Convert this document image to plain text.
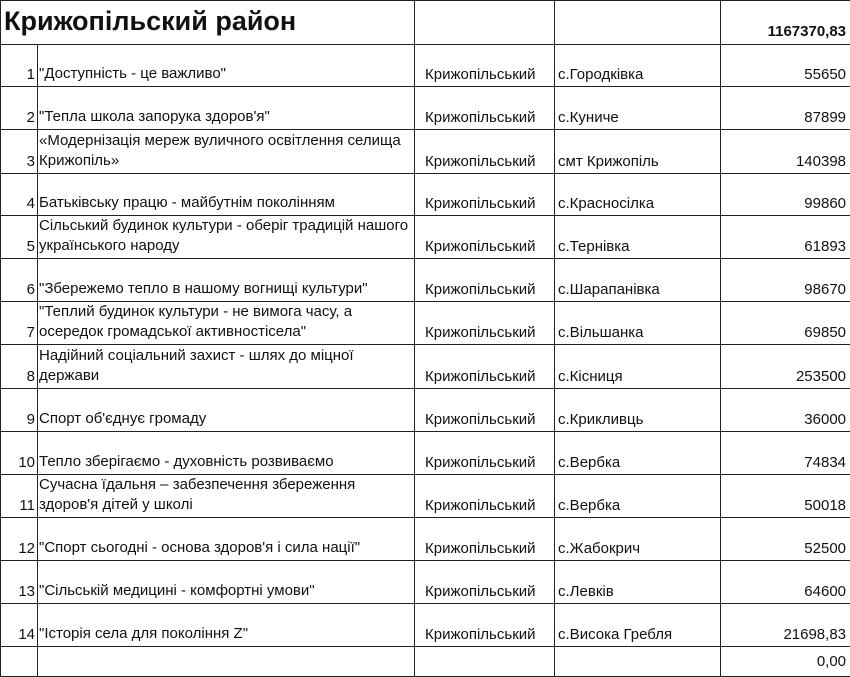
Крижопільский район				1167370,83
1	"Доступність - це важливо"	Крижопільський	с.Городківка	55650
2	"Тепла школа запорука здоров'я"	Крижопільський	с.Куниче	87899
3	«Модернізація мереж вуличного освітлення селища Крижопіль»	Крижопільський	смт Крижопіль	140398
4	Батьківську працю - майбутнім поколінням	Крижопільський	с.Красносілка	99860
5	Сільський будинок культури - оберіг традицій нашого українського народу	Крижопільський	с.Тернівка	61893
6	"Збережемо тепло в нашому вогнищі культури"	Крижопільський	с.Шарапанівка	98670
7	"Теплий будинок культури - не вимога часу, а осередок громадської активностісела"	Крижопільський	с.Вільшанка	69850
8	Надійний соціальний захист - шлях до міцної держави	Крижопільський	с.Кісниця	253500
9	Спорт об'єднує громаду	Крижопільський	с.Крикливць	36000
10	Тепло зберігаємо - духовність розвиваємо	Крижопільський	с.Вербка	74834
11	Сучасна їдальня – забезпечення збереження здоров'я дітей у школі	Крижопільський	с.Вербка	50018
12	"Спорт сьогодні - основа здоров'я і сила нації"	Крижопільський	с.Жабокрич	52500
13	"Сільській медицині - комфортні умови"	Крижопільський	с.Левків	64600
14	"Історія села для покоління Z"	Крижопільський	с.Висока Гребля	21698,83
				0,00
